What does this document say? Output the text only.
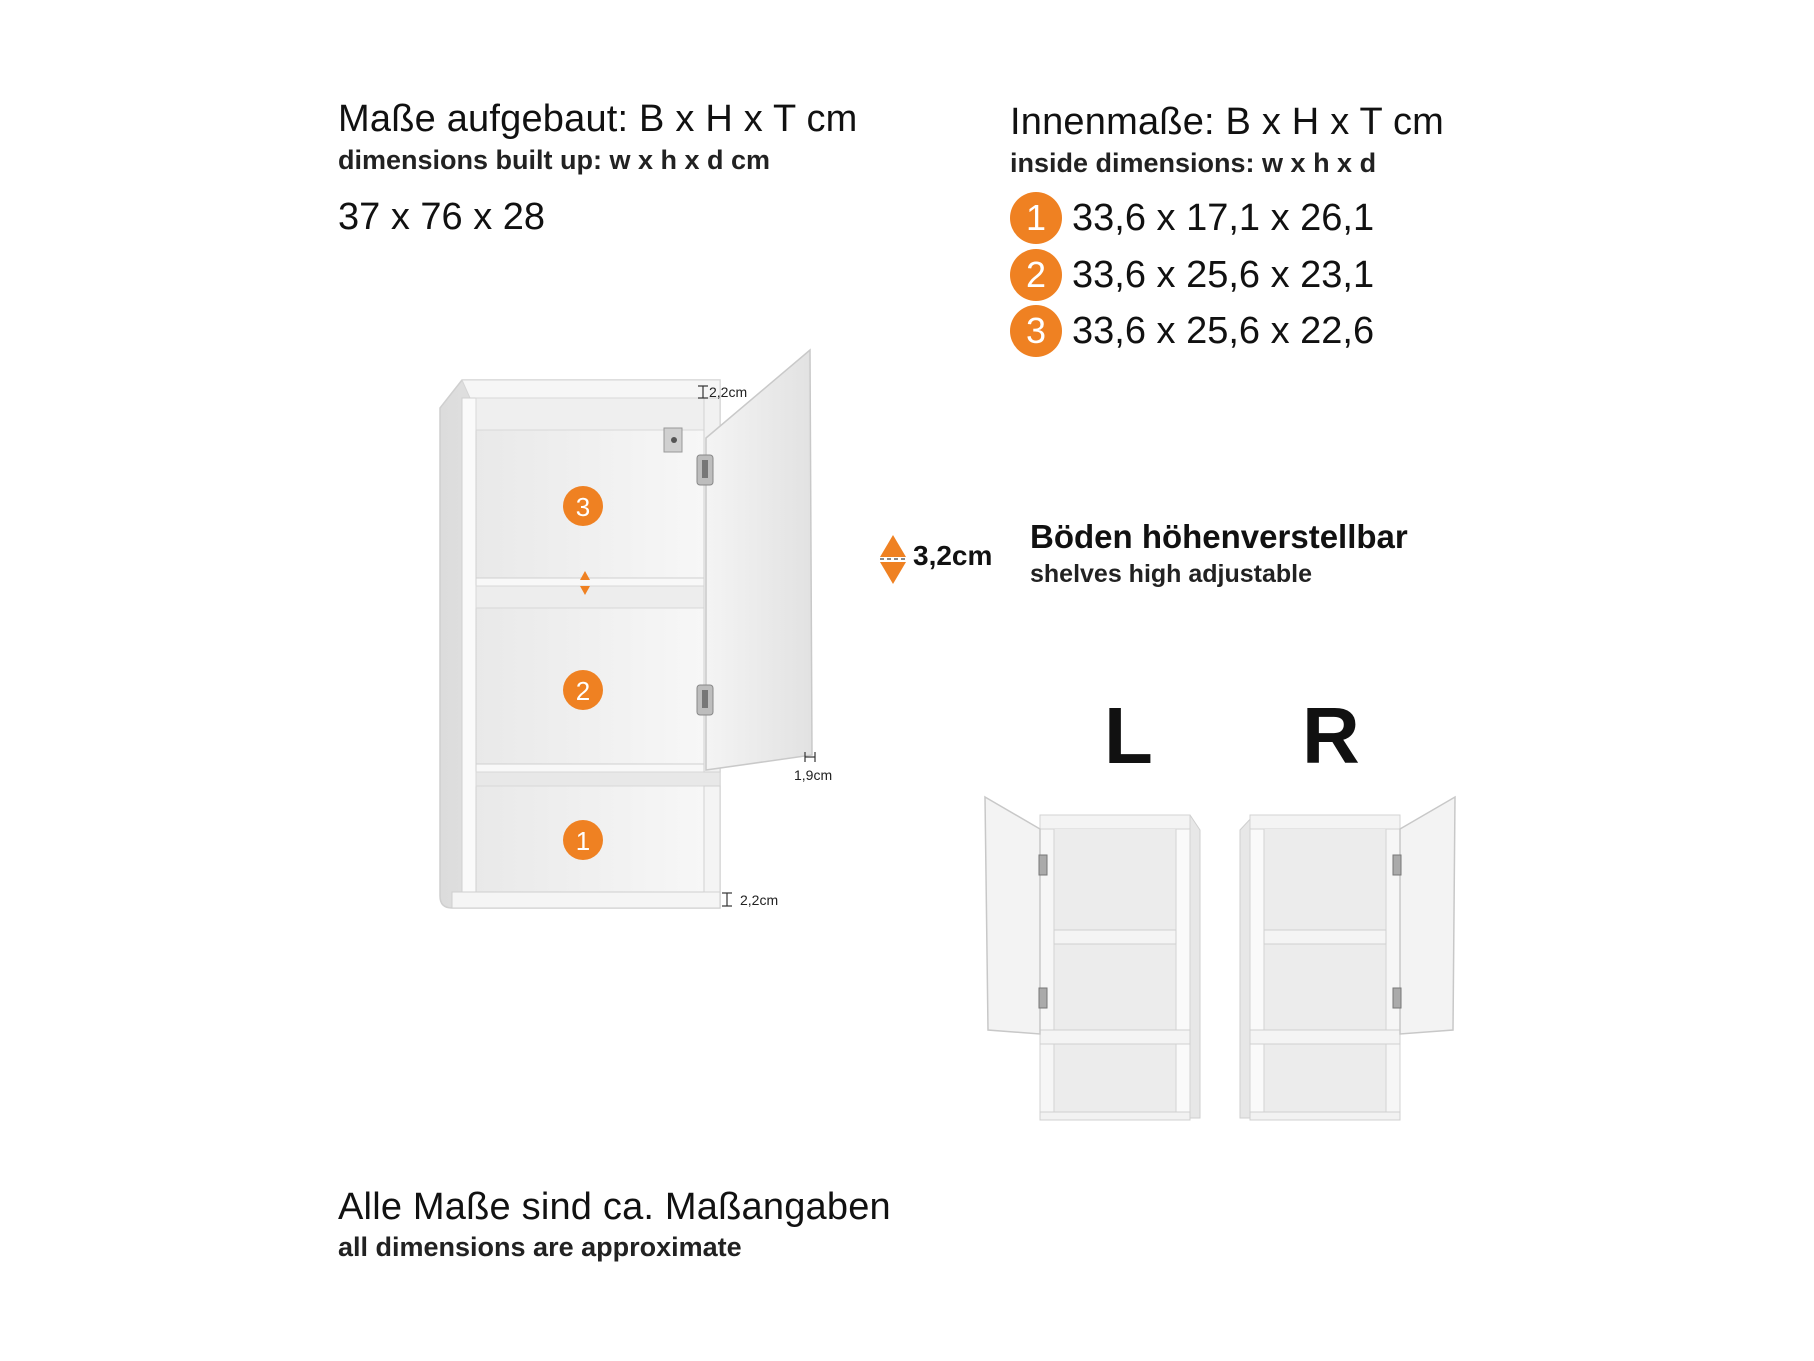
Maße aufgebaut: B x H x T cm
dimensions built up: w x h x d cm
37 x 76 x 28
Innenmaße: B x H x T cm
inside dimensions: w x h x d
1 33,6 x 17,1 x 26,1
2 33,6 x 25,6 x 23,1
3 33,6 x 25,6 x 22,6
3
2
1
2,2cm
1,9cm
2,2cm
3,2cm
Böden höhenverstellbar
shelves high adjustable
L R
Alle Maße sind ca. Maßangaben
all dimensions are approximate
